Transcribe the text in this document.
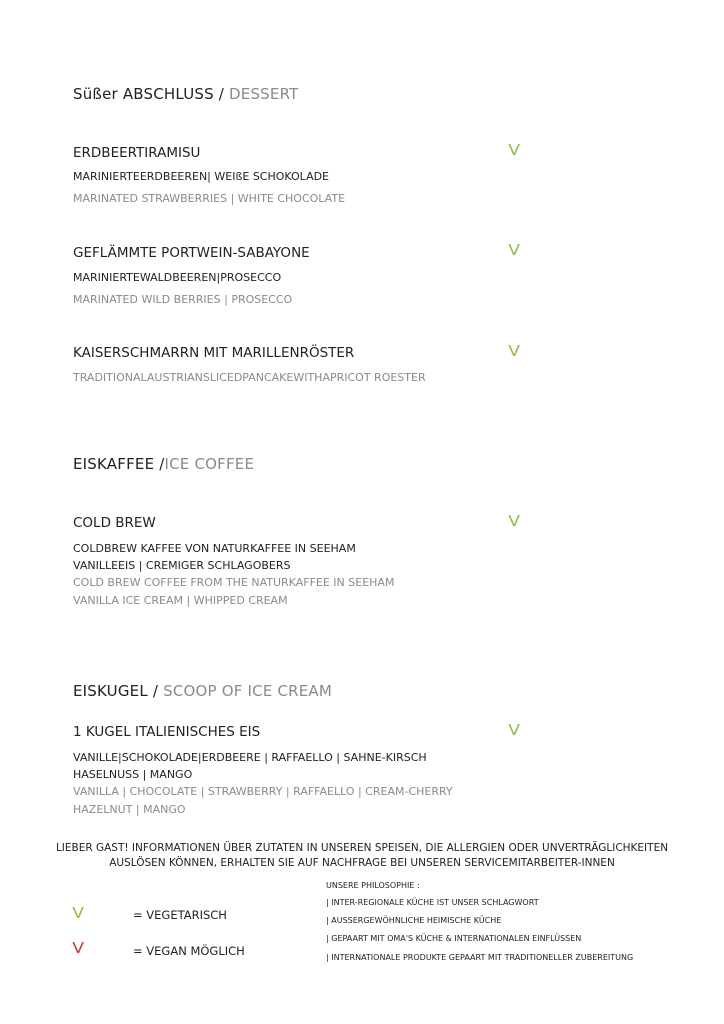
Süßer ABSCHLUSS / DESSERT
ERDBEERTIRAMISU	V
MARINIERTEERDBEEREN| WEIßE SCHOKOLADE
MARINATED STRAWBERRIES | WHITE CHOCOLATE
GEFLÄMMTE PORTWEIN-SABAYONE	V
MARINIERTEWALDBEEREN|PROSECCO
MARINATED WILD BERRIES | PROSECCO
KAISERSCHMARRN MIT MARILLENRÖSTER	V
TRADITIONALAUSTRIANSLICEDPANCAKEWITHAPRICOT ROESTER
EISKAFFEE /ICE COFFEE
COLD BREW	V
COLDBREW KAFFEE VON NATURKAFFEE IN SEEHAM
VANILLEEIS | CREMIGER SCHLAGOBERS
COLD BREW COFFEE FROM THE NATURKAFFEE IN SEEHAM
VANILLA ICE CREAM | WHIPPED CREAM
EISKUGEL / SCOOP OF ICE CREAM
1 KUGEL ITALIENISCHES EIS	V
VANILLE|SCHOKOLADE|ERDBEERE | RAFFAELLO | SAHNE-KIRSCH
HASELNUSS | MANGO
VANILLA | CHOCOLATE | STRAWBERRY | RAFFAELLO | CREAM-CHERRY
HAZELNUT | MANGO
LIEBER GAST! INFORMATIONEN ÜBER ZUTATEN IN UNSEREN SPEISEN, DIE ALLERGIEN ODER UNVERTRÄGLICHKEITEN
AUSLÖSEN KÖNNEN, ERHALTEN SIE AUF NACHFRAGE BEI UNSEREN SERVICEMITARBEITER-INNEN
V	= VEGETARISCH
V	= VEGAN MÖGLICH
UNSERE PHILOSOPHIE :
| INTER-REGIONALE KÜCHE IST UNSER SCHLAGWORT
| AUSSERGEWÖHNLICHE HEIMISCHE KÜCHE
| GEPAART MIT OMA'S KÜCHE & INTERNATIONALEN EINFLÜSSEN
| INTERNATIONALE PRODUKTE GEPAART MIT TRADITIONELLER ZUBEREITUNG
